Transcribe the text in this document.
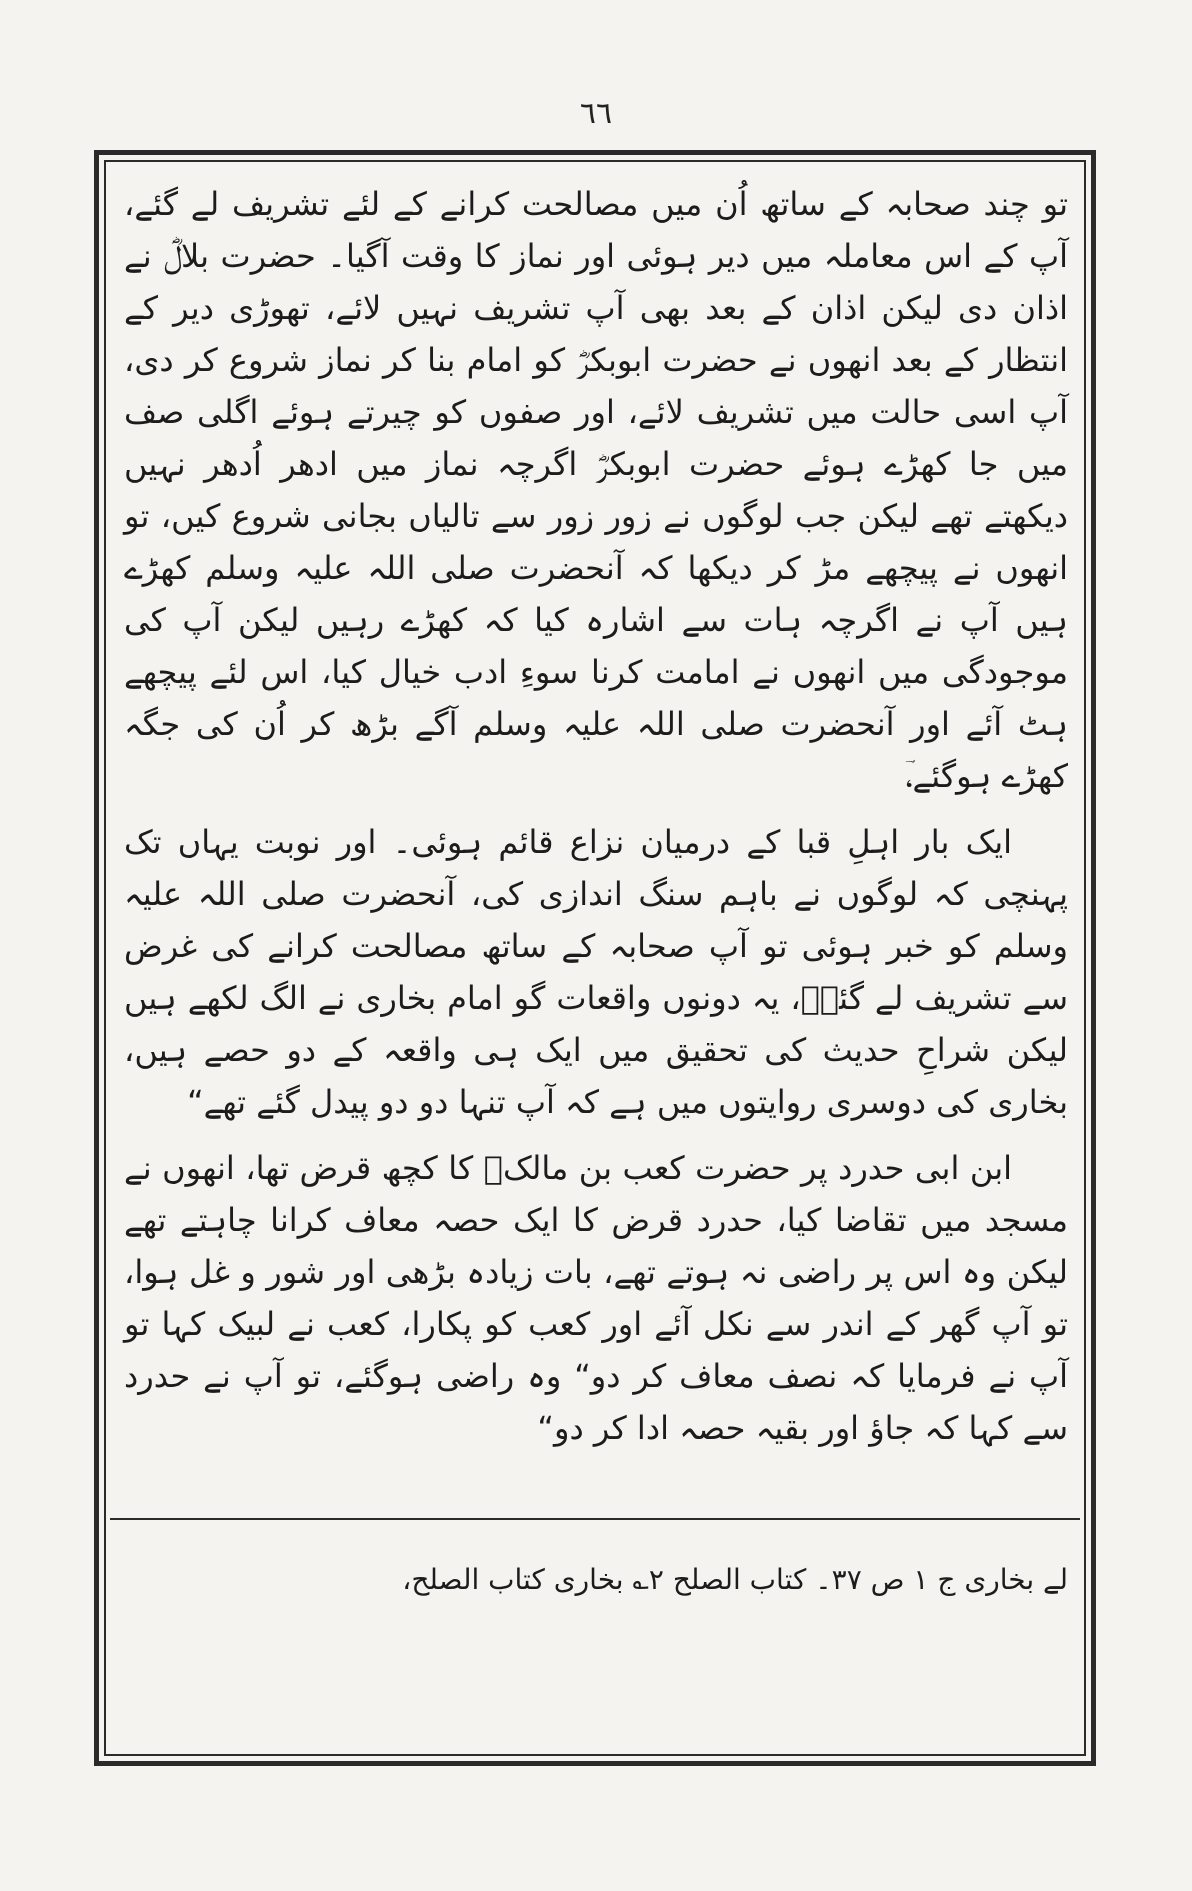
٦٦

تو چند صحابہ کے ساتھ اُن میں مصالحت کرانے کے لئے تشریف لے گئے، آپ کے اس معاملہ میں دیر ہوئی اور نماز کا وقت آگیا۔ حضرت بلالؓ نے اذان دی لیکن اذان کے بعد بھی آپ تشریف نہیں لائے، تھوڑی دیر کے انتظار کے بعد انھوں نے حضرت ابوبکرؓ کو امام بنا کر نماز شروع کر دی، آپ اسی حالت میں تشریف لائے، اور صفوں کو چیرتے ہوئے اگلی صف میں جا کھڑے ہوئے حضرت ابوبکرؓ اگرچہ نماز میں ادھر اُدھر نہیں دیکھتے تھے لیکن جب لوگوں نے زور زور سے تالیاں بجانی شروع کیں، تو انھوں نے پیچھے مڑ کر دیکھا کہ آنحضرت صلی اللہ علیہ وسلم کھڑے ہیں آپ نے اگرچہ ہات سے اشارہ کیا کہ کھڑے رہیں لیکن آپ کی موجودگی میں انھوں نے امامت کرنا سوءِ ادب خیال کیا، اس لئے پیچھے ہٹ آئے اور آنحضرت صلی اللہ علیہ وسلم آگے بڑھ کر اُن کی جگہ کھڑے ہوگئے،ؔ

ایک بار اہلِ قبا کے درمیان نزاع قائم ہوئی۔ اور نوبت یہاں تک پہنچی کہ لوگوں نے باہم سنگ اندازی کی، آنحضرت صلی اللہ علیہ وسلم کو خبر ہوئی تو آپ صحابہ کے ساتھ مصالحت کرانے کی غرض سے تشریف لے گئےؔ، یہ دونوں واقعات گو امام بخاری نے الگ لکھے ہیں لیکن شراحِ حدیث کی تحقیق میں ایک ہی واقعہ کے دو حصے ہیں، بخاری کی دوسری روایتوں میں ہے کہ آپ تنہا دو دو پیدل گئے تھے“

ابن ابی حدرد پر حضرت کعب بن مالکؓ کا کچھ قرض تھا، انھوں نے مسجد میں تقاضا کیا، حدرد قرض کا ایک حصہ معاف کرانا چاہتے تھے لیکن وہ اس پر راضی نہ ہوتے تھے، بات زیادہ بڑھی اور شور و غل ہوا، تو آپ گھر کے اندر سے نکل آئے اور کعب کو پکارا، کعب نے لبیک کہا تو آپ نے فرمایا کہ نصف معاف کر دو“ وہ راضی ہوگئے، تو آپ نے حدرد سے کہا کہ جاؤ اور بقیہ حصہ ادا کر دو“

لے بخاری ج ۱ ص ۳۷۔ کتاب الصلح ۲؎ بخاری کتاب الصلح،
